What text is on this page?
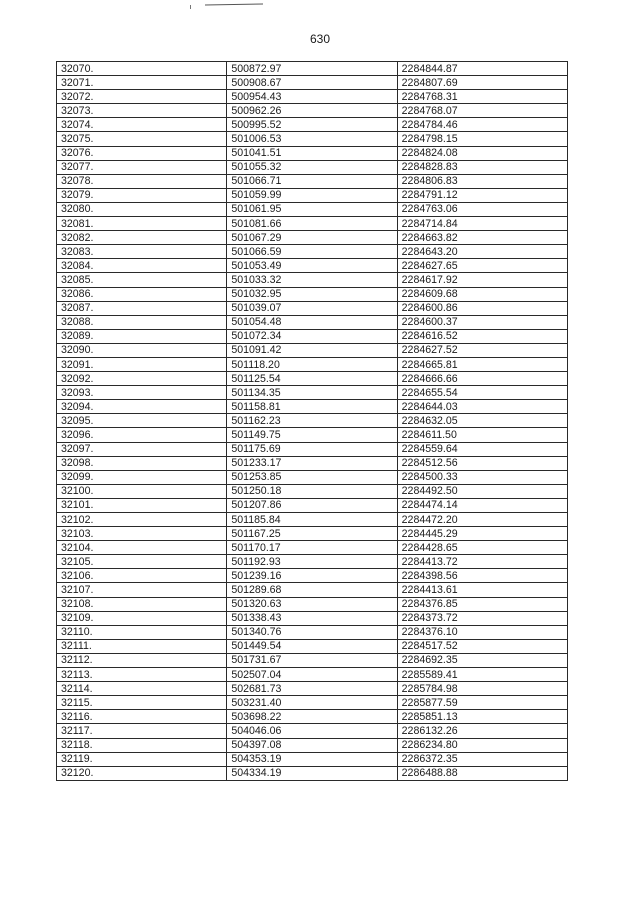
630
32070.	500872.97	2284844.87
32071.	500908.67	2284807.69
32072.	500954.43	2284768.31
32073.	500962.26	2284768.07
32074.	500995.52	2284784.46
32075.	501006.53	2284798.15
32076.	501041.51	2284824.08
32077.	501055.32	2284828.83
32078.	501066.71	2284806.83
32079.	501059.99	2284791.12
32080.	501061.95	2284763.06
32081.	501081.66	2284714.84
32082.	501067.29	2284663.82
32083.	501066.59	2284643.20
32084.	501053.49	2284627.65
32085.	501033.32	2284617.92
32086.	501032.95	2284609.68
32087.	501039.07	2284600.86
32088.	501054.48	2284600.37
32089.	501072.34	2284616.52
32090.	501091.42	2284627.52
32091.	501118.20	2284665.81
32092.	501125.54	2284666.66
32093.	501134.35	2284655.54
32094.	501158.81	2284644.03
32095.	501162.23	2284632.05
32096.	501149.75	2284611.50
32097.	501175.69	2284559.64
32098.	501233.17	2284512.56
32099.	501253.85	2284500.33
32100.	501250.18	2284492.50
32101.	501207.86	2284474.14
32102.	501185.84	2284472.20
32103.	501167.25	2284445.29
32104.	501170.17	2284428.65
32105.	501192.93	2284413.72
32106.	501239.16	2284398.56
32107.	501289.68	2284413.61
32108.	501320.63	2284376.85
32109.	501338.43	2284373.72
32110.	501340.76	2284376.10
32111.	501449.54	2284517.52
32112.	501731.67	2284692.35
32113.	502507.04	2285589.41
32114.	502681.73	2285784.98
32115.	503231.40	2285877.59
32116.	503698.22	2285851.13
32117.	504046.06	2286132.26
32118.	504397.08	2286234.80
32119.	504353.19	2286372.35
32120.	504334.19	2286488.88
